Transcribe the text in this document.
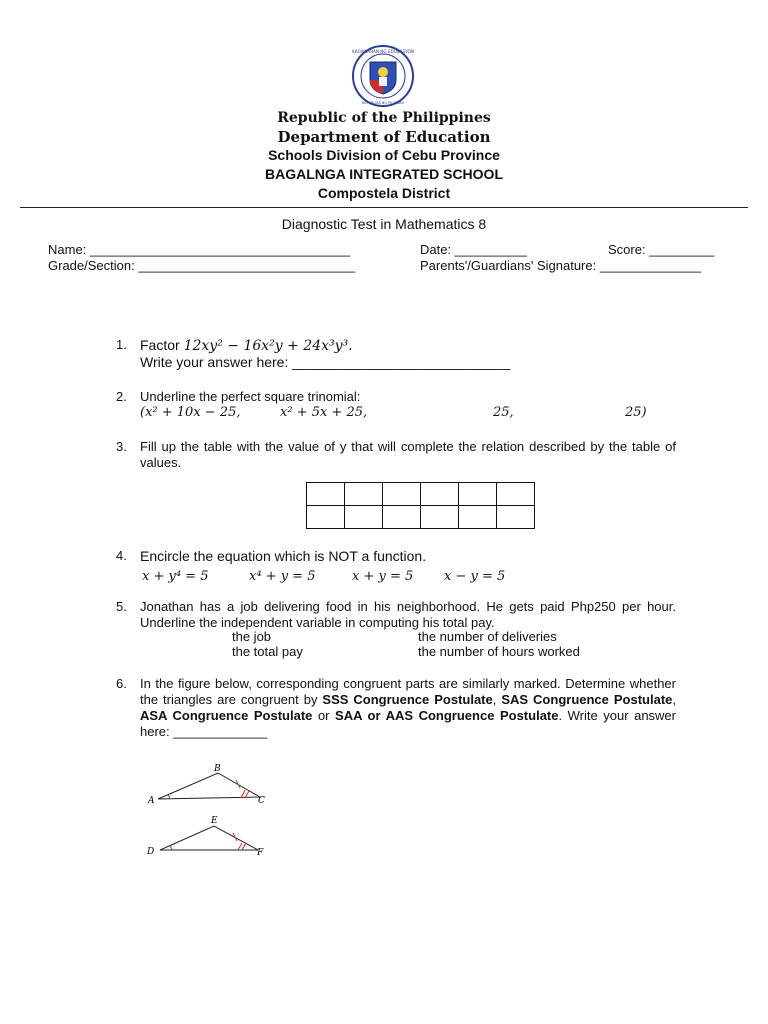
KAGAWARAN NG EDUKASYON
REPUBLIKA NG PILIPINAS
Republic of the Philippines
Department of Education
Schools Division of Cebu Province
BAGALNGA INTEGRATED SCHOOL
Compostela District
Diagnostic Test in Mathematics 8
Name: ____________________________________	Date: __________	Score: _________
Grade/Section: ______________________________	Parents'/Guardians' Signature: ______________
1. Factor 12xy² − 16x²y + 24x³y³.
Write your answer here: ____________________________
2. Underline the perfect square trinomial:
(x² + 10x − 25,	x² + 5x + 25,	25,	25)
3. Fill up the table with the value of y that will complete the relation described by the table of values.

4. Encircle the equation which is NOT a function.
x + y⁴ = 5	x⁴ + y = 5	x + y = 5 x − y = 5
5. Jonathan has a job delivering food in his neighborhood. He gets paid Php250 per hour. Underline the independent variable in computing his total pay.
the job	the number of deliveries
the total pay	the number of hours worked
6. In the figure below, corresponding congruent parts are similarly marked. Determine whether the triangles are congruent by SSS Congruence Postulate, SAS Congruence Postulate, ASA Congruence Postulate or SAA or AAS Congruence Postulate. Write your answer here: _____________
A
B
C
D
E
F
